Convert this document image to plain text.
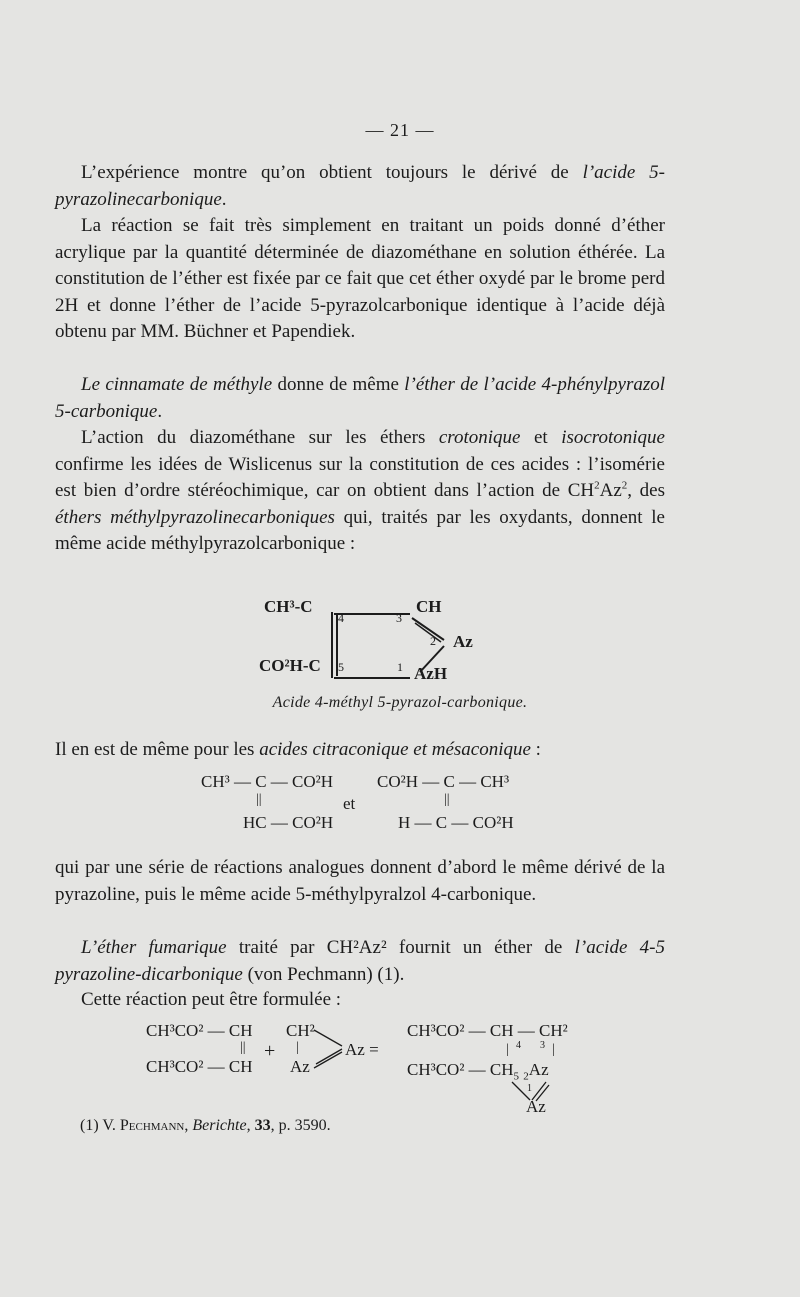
— 21 —
L’expérience montre qu’on obtient toujours le dérivé de l’acide 5-pyrazolinecarbonique.
La réaction se fait très simplement en traitant un poids donné d’éther acrylique par la quantité déterminée de diazométhane en solution éthérée. La constitution de l’éther est fixée par ce fait que cet éther oxydé par le brome perd 2H et donne l’éther de l’acide 5-pyrazolcarbonique identique à l’acide déjà obtenu par MM. Büchner et Papendiek.
Le cinnamate de méthyle donne de même l’éther de l’acide 4-phénylpyrazol 5-carbonique.
L’action du diazométhane sur les éthers crotonique et isocrotonique confirme les idées de Wislicenus sur la constitution de ces acides : l’isomérie est bien d’ordre stéréochimique, car on obtient dans l’action de $CH^2Az^2$, des éthers méthylpyrazolinecarboniques qui, traités par les oxydants, donnent le même acide méthylpyrazolcarbonique :
CH³-C
CO²H-C
CH
Az
AzH
4	3
2
1
5
Acide 4-méthyl 5-pyrazol-carbonique.
Il en est de même pour les acides citraconique et mésaconique :
CH³ — C — CO²H
||
HC — CO²H
et
CO²H — C — CH³
||
H — C — CO²H
qui par une série de réactions analogues donnent d’abord le même dérivé de la pyrazoline, puis le même acide 5-méthylpyralzol 4-carbonique.
L’éther fumarique traité par CH²Az² fournit un éther de l’acide 4-5 pyrazoline-dicarbonique (von Pechmann) (1).
Cette réaction peut être formulée :
CH³CO² — CH
||
CH³CO² — CH
+
CH²
|
Az
Az =
CH³CO² — CH — CH²
| 4 3 |
CH³CO² — $CH_5$ $_2$Az
1
Az
(1) V. Pechmann, Berichte, 33, p. 3590.
